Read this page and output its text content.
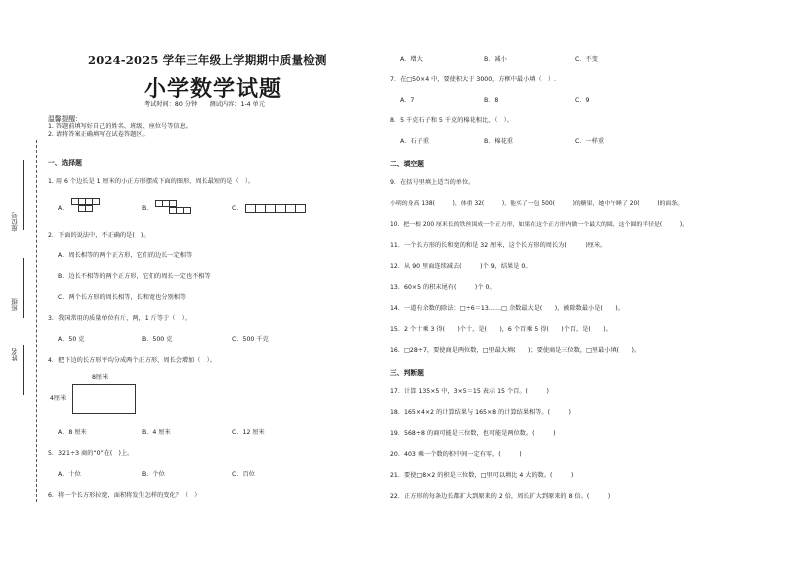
2024-2025 学年三年级上学期期中质量检测
小学数学试题
考试时间：80 分钟　　测试内容：1-4 单元
温馨提醒：
1. 答题前填写好自己的姓名、班级、座位号等信息。
2. 请将答案正确填写在试卷答题区。
座位号
班级
姓名
一、选择题
1. 用 6 个边长是 1 厘米的小正方形摆成下面的图形，周长最短的是（　）。
A．	B．	C．
2．下面的说法中，不正确的是(　)。
A．周长相等的两个正方形，它们的边长一定相等
B．边长不相等的两个正方形，它们的周长一定也不相等
C．两个长方形的周长相等，长和宽也分别相等
3．我国常用的质量单位有斤，两，1 斤等于（　）。
A．50 克	B．500 克	C．500 千克
4．把下边的长方形平均分成两个正方形，周长会增加（　）。
8厘米
4厘米
A．8 厘米	B．4 厘米	C．12 厘米
5．321÷3 商的“0”在(　)上。
A．十位	B．个位	C．百位
6．将一个长方形拉宽，面积将发生怎样的变化？（　）
A．增大	B．减小	C．不变
7．在□50×4 中，要使积大于 3000，方框中最小填（　）.
A．7	B．8	C．9
8．5 千克石子和 5 千克的棉花相比，（　）。
A．石子重	B．棉花重	C．一样重
二、填空题
9．在括号里填上适当的单位。
小明的身高 138(　　　)，体重 32(　　　)，他买了一包 500(　　　)的糖果，她中午睡了 20(　　　)的面条。
10．把一根 200 厘米长的铁丝围成一个正方形，如果在这个正方形内做一个最大的圆，这个圆的半径是(　　　)。
11．一个长方形的长和宽的和是 32 厘米，这个长方形的周长为(　　　)厘米。
12．从 90 里面连续减去(　　　)个 9，结果是 0。
13．60×5 的积末尾有(　　　)个 0。
14．一道有余数的除法：□÷6＝13……□ 余数最大是(　　)，被除数最小是(　　)。
15．2 个十乘 3 得(　　)个十，是(　　)，6 个百乘 5 得(　　)个百，是(　　)。
16．□28÷7，要使商是两位数，□里最大填(　　)；要使商是三位数，□里最小填(　　)。
三、判断题
17．计算 135×5 中，3×5＝15 表示 15 个百。(　　　)
18．165×4×2 的计算结果与 165×8 的计算结果相等。(　　　)
19．568÷8 的商可能是三位数，也可能是两位数。(　　　)
20．403 乘一个数的积中间一定有零。(　　　)
21．要使□8×2 的积是三位数，□里可以填比 4 大的数。(　　　)
22．正方形的每条边长都扩大到原来的 2 倍，周长扩大到原来的 8 倍。(　　　)
